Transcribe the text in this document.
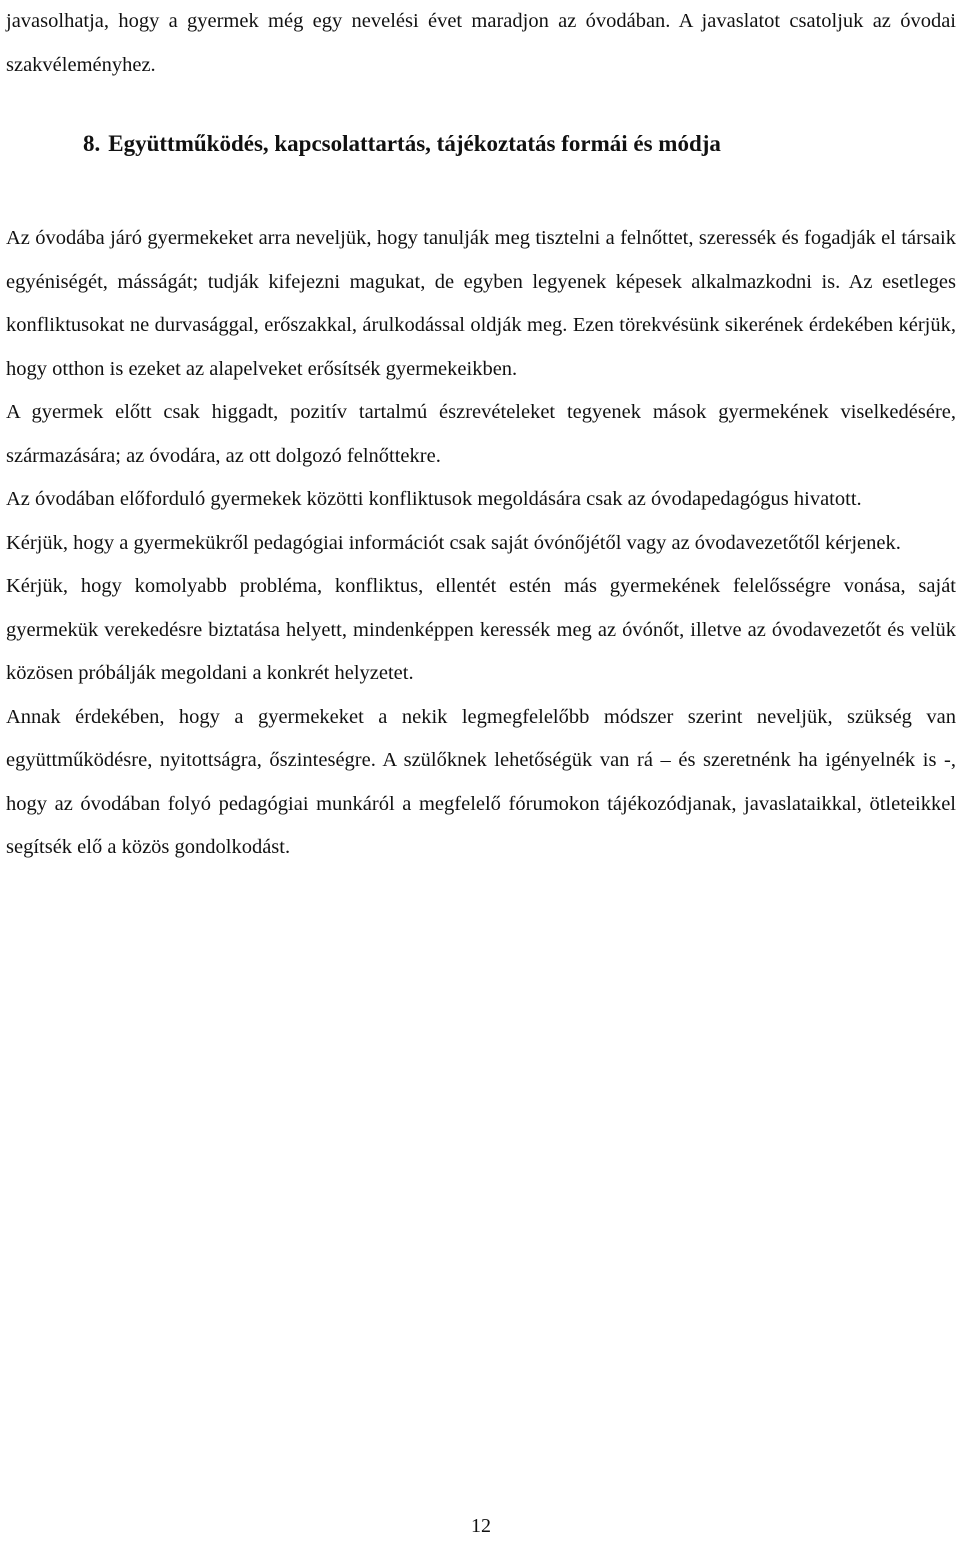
javasolhatja, hogy a gyermek még egy nevelési évet maradjon az óvodában. A javaslatot csatoljuk az óvodai szakvéleményhez.

8. Együttműködés, kapcsolattartás, tájékoztatás formái és módja

Az óvodába járó gyermekeket arra neveljük, hogy tanulják meg tisztelni a felnőttet, szeressék és fogadják el társaik egyéniségét, másságát; tudják kifejezni magukat, de egyben legyenek képesek alkalmazkodni is. Az esetleges konfliktusokat ne durvasággal, erőszakkal, árulkodással oldják meg. Ezen törekvésünk sikerének érdekében kérjük, hogy otthon is ezeket az alapelveket erősítsék gyermekeikben.

A gyermek előtt csak higgadt, pozitív tartalmú észrevételeket tegyenek mások gyermekének viselkedésére, származására; az óvodára, az ott dolgozó felnőttekre.

Az óvodában előforduló gyermekek közötti konfliktusok megoldására csak az óvodapedagógus hivatott.

Kérjük, hogy a gyermekükről pedagógiai információt csak saját óvónőjétől vagy az óvodavezetőtől kérjenek.

Kérjük, hogy komolyabb probléma, konfliktus, ellentét estén más gyermekének felelősségre vonása, saját gyermekük verekedésre biztatása helyett, mindenképpen keressék meg az óvónőt, illetve az óvodavezetőt és velük közösen próbálják megoldani a konkrét helyzetet.

Annak érdekében, hogy a gyermekeket a nekik legmegfelelőbb módszer szerint neveljük, szükség van együttműködésre, nyitottságra, őszinteségre. A szülőknek lehetőségük van rá – és szeretnénk ha igényelnék is -, hogy az óvodában folyó pedagógiai munkáról a megfelelő fórumokon tájékozódjanak, javaslataikkal, ötleteikkel segítsék elő a közös gondolkodást.

12
